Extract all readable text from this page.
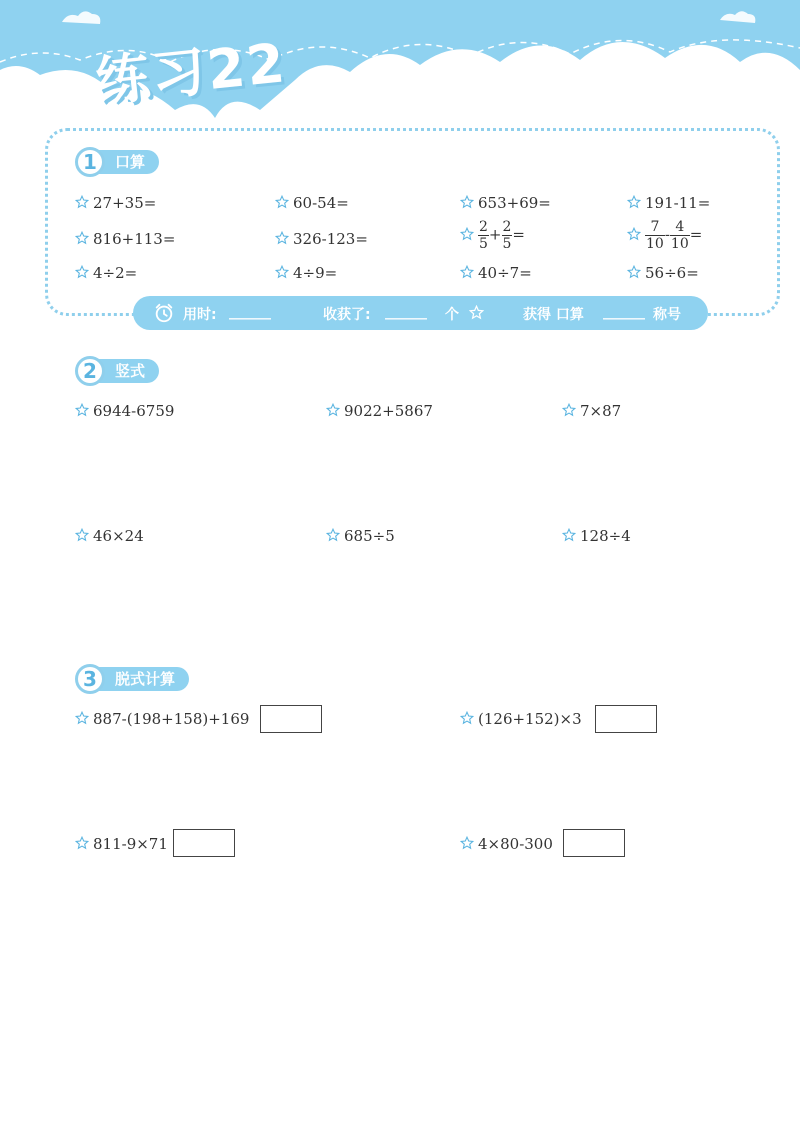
练习22
1	口算
27+35=	60-54=	653+69=	191-11=
816+113=	326-123=	$\frac{2}{5} + \frac{2}{5}$ =	$\frac{7}{10} - \frac{4}{10}$ =
4÷2=	4÷9=	40÷7=	56÷6=
用时: ______	收获了: ______ 个	获得 口算 ______ 称号
2	竖式
6944-6759	9022+5867	7×87
46×24	685÷5	128÷4
3	脱式计算
887-(198+158)+169	(126+152)×3
811-9×71	4×80-300
